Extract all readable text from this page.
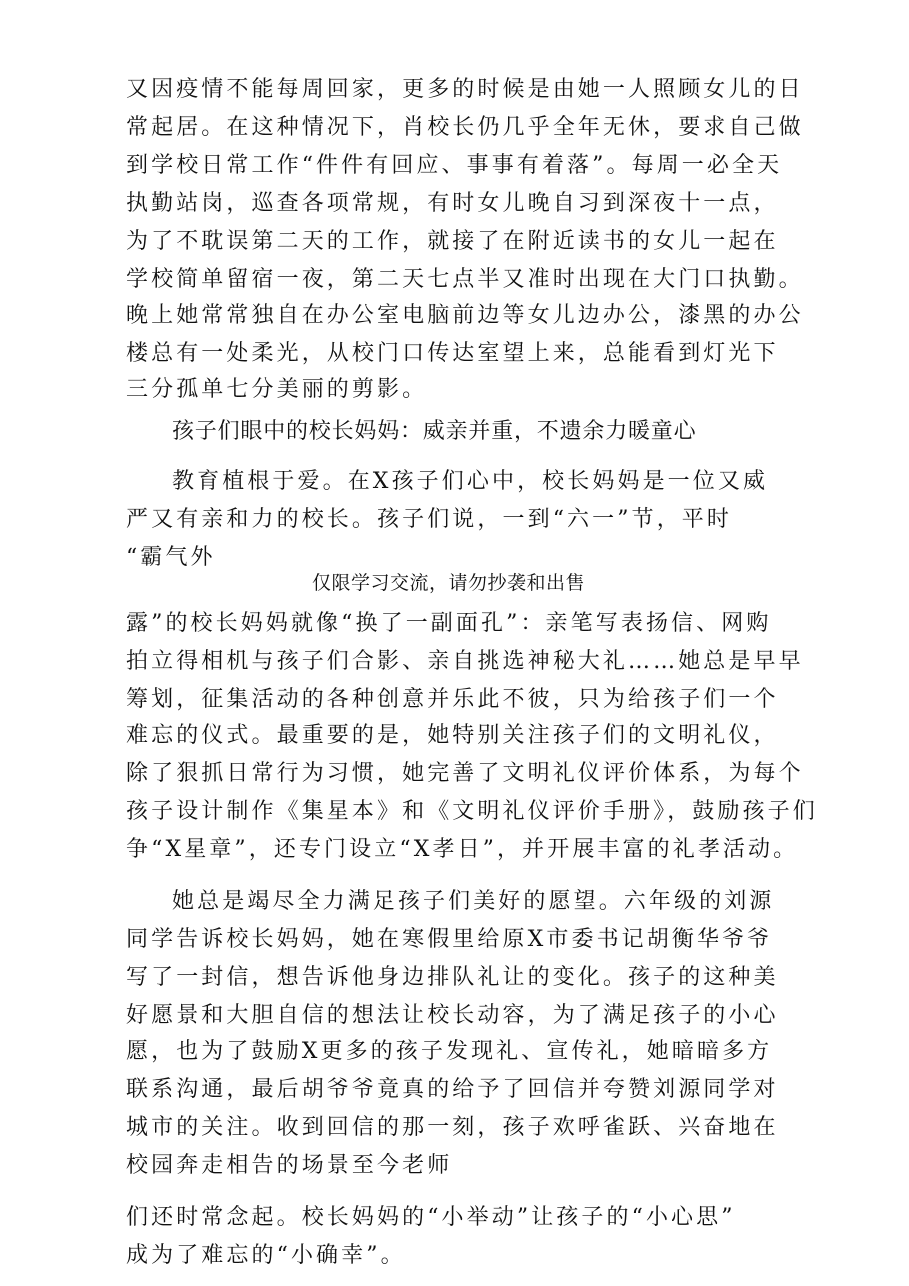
又因疫情不能每周回家，更多的时候是由她一人照顾女儿的日
常起居。在这种情况下，肖校长仍几乎全年无休，要求自己做
到学校日常工作“件件有回应、事事有着落”。每周一必全天
执勤站岗，巡查各项常规，有时女儿晚自习到深夜十一点，
为了不耽误第二天的工作，就接了在附近读书的女儿一起在
学校简单留宿一夜，第二天七点半又准时出现在大门口执勤。
晚上她常常独自在办公室电脑前边等女儿边办公，漆黑的办公
楼总有一处柔光，从校门口传达室望上来，总能看到灯光下
三分孤单七分美丽的剪影。
孩子们眼中的校长妈妈：威亲并重，不遗余力暖童心
教育植根于爱。在X孩子们心中，校长妈妈是一位又威
严又有亲和力的校长。孩子们说，一到“六一”节，平时
“霸气外
仅限学习交流，请勿抄袭和出售
露”的校长妈妈就像“换了一副面孔”：亲笔写表扬信、网购
拍立得相机与孩子们合影、亲自挑选神秘大礼……她总是早早
筹划，征集活动的各种创意并乐此不彼，只为给孩子们一个
难忘的仪式。最重要的是，她特别关注孩子们的文明礼仪，
除了狠抓日常行为习惯，她完善了文明礼仪评价体系，为每个
孩子设计制作《集星本》和《文明礼仪评价手册》，鼓励孩子们
争“X星章”，还专门设立“X孝日”，并开展丰富的礼孝活动。
她总是竭尽全力满足孩子们美好的愿望。六年级的刘源
同学告诉校长妈妈，她在寒假里给原X市委书记胡衡华爷爷
写了一封信，想告诉他身边排队礼让的变化。孩子的这种美
好愿景和大胆自信的想法让校长动容，为了满足孩子的小心
愿，也为了鼓励X更多的孩子发现礼、宣传礼，她暗暗多方
联系沟通，最后胡爷爷竟真的给予了回信并夸赞刘源同学对
城市的关注。收到回信的那一刻，孩子欢呼雀跃、兴奋地在
校园奔走相告的场景至今老师
们还时常念起。校长妈妈的“小举动”让孩子的“小心思”
成为了难忘的“小确幸”。
